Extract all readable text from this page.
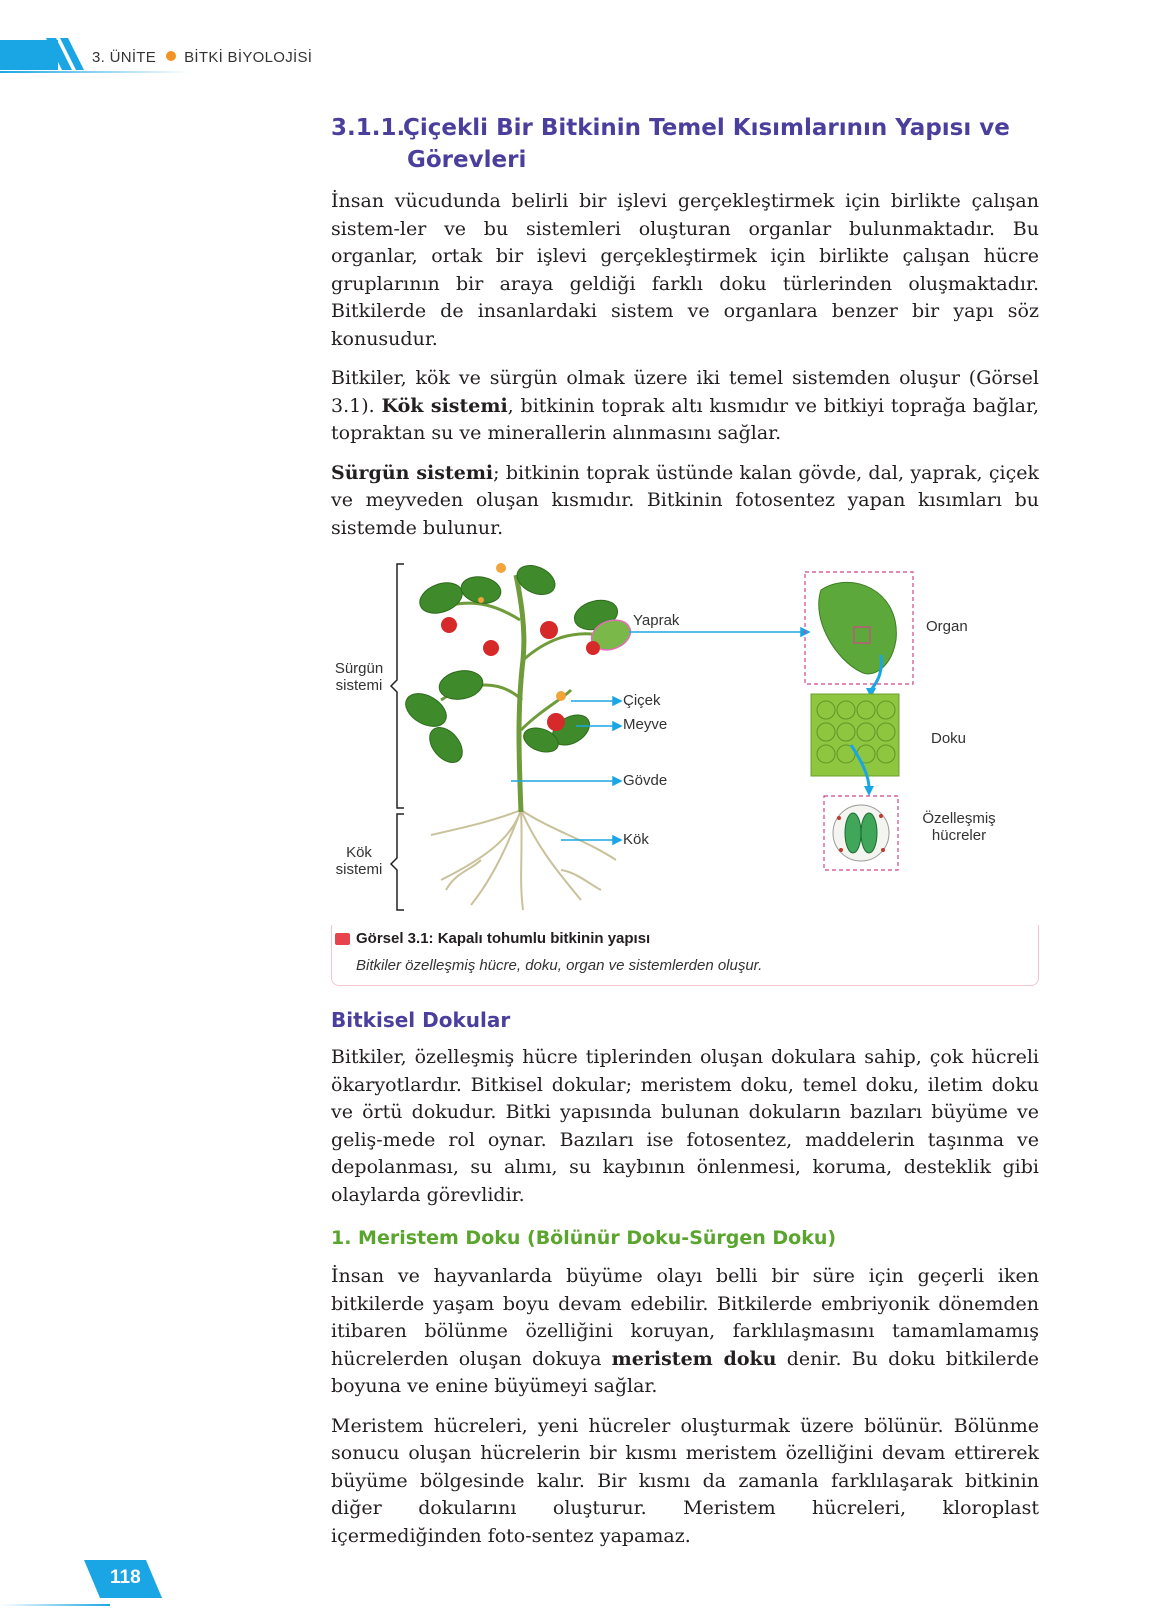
3. ÜNİTE BİTKİ BİYOLOJİSİ
3.1.1.Çiçekli Bir Bitkinin Temel Kısımlarının Yapısı ve
Görevleri

İnsan vücudunda belirli bir işlevi gerçekleştirmek için birlikte çalışan sistem-ler ve bu sistemleri oluşturan organlar bulunmaktadır. Bu organlar, ortak bir işlevi gerçekleştirmek için birlikte çalışan hücre gruplarının bir araya geldiği farklı doku türlerinden oluşmaktadır. Bitkilerde de insanlardaki sistem ve organlara benzer bir yapı söz konusudur.

Bitkiler, kök ve sürgün olmak üzere iki temel sistemden oluşur (Görsel 3.1). Kök sistemi, bitkinin toprak altı kısmıdır ve bitkiyi toprağa bağlar, topraktan su ve minerallerin alınmasını sağlar.

Sürgün sistemi; bitkinin toprak üstünde kalan gövde, dal, yaprak, çiçek ve meyveden oluşan kısmıdır. Bitkinin fotosentez yapan kısımları bu sistemde bulunur.

Sürgün
sistemi
Kök
sistemi
Yaprak
Çiçek
Meyve
Gövde
Kök
Organ
Doku
Özelleşmiş
hücreler
Görsel 3.1: Kapalı tohumlu bitkinin yapısı
Bitkiler özelleşmiş hücre, doku, organ ve sistemlerden oluşur.
Bitkisel Dokular

Bitkiler, özelleşmiş hücre tiplerinden oluşan dokulara sahip, çok hücreli ökaryotlardır. Bitkisel dokular; meristem doku, temel doku, iletim doku ve örtü dokudur. Bitki yapısında bulunan dokuların bazıları büyüme ve geliş-mede rol oynar. Bazıları ise fotosentez, maddelerin taşınma ve depolanması, su alımı, su kaybının önlenmesi, koruma, desteklik gibi olaylarda görevlidir.

1. Meristem Doku (Bölünür Doku-Sürgen Doku)

İnsan ve hayvanlarda büyüme olayı belli bir süre için geçerli iken bitkilerde yaşam boyu devam edebilir. Bitkilerde embriyonik dönemden itibaren bölünme özelliğini koruyan, farklılaşmasını tamamlamamış hücrelerden oluşan dokuya meristem doku denir. Bu doku bitkilerde boyuna ve enine büyümeyi sağlar.

Meristem hücreleri, yeni hücreler oluşturmak üzere bölünür. Bölünme sonucu oluşan hücrelerin bir kısmı meristem özelliğini devam ettirerek büyüme bölgesinde kalır. Bir kısmı da zamanla farklılaşarak bitkinin diğer dokularını oluşturur. Meristem hücreleri, kloroplast içermediğinden foto-sentez yapamaz.

118
